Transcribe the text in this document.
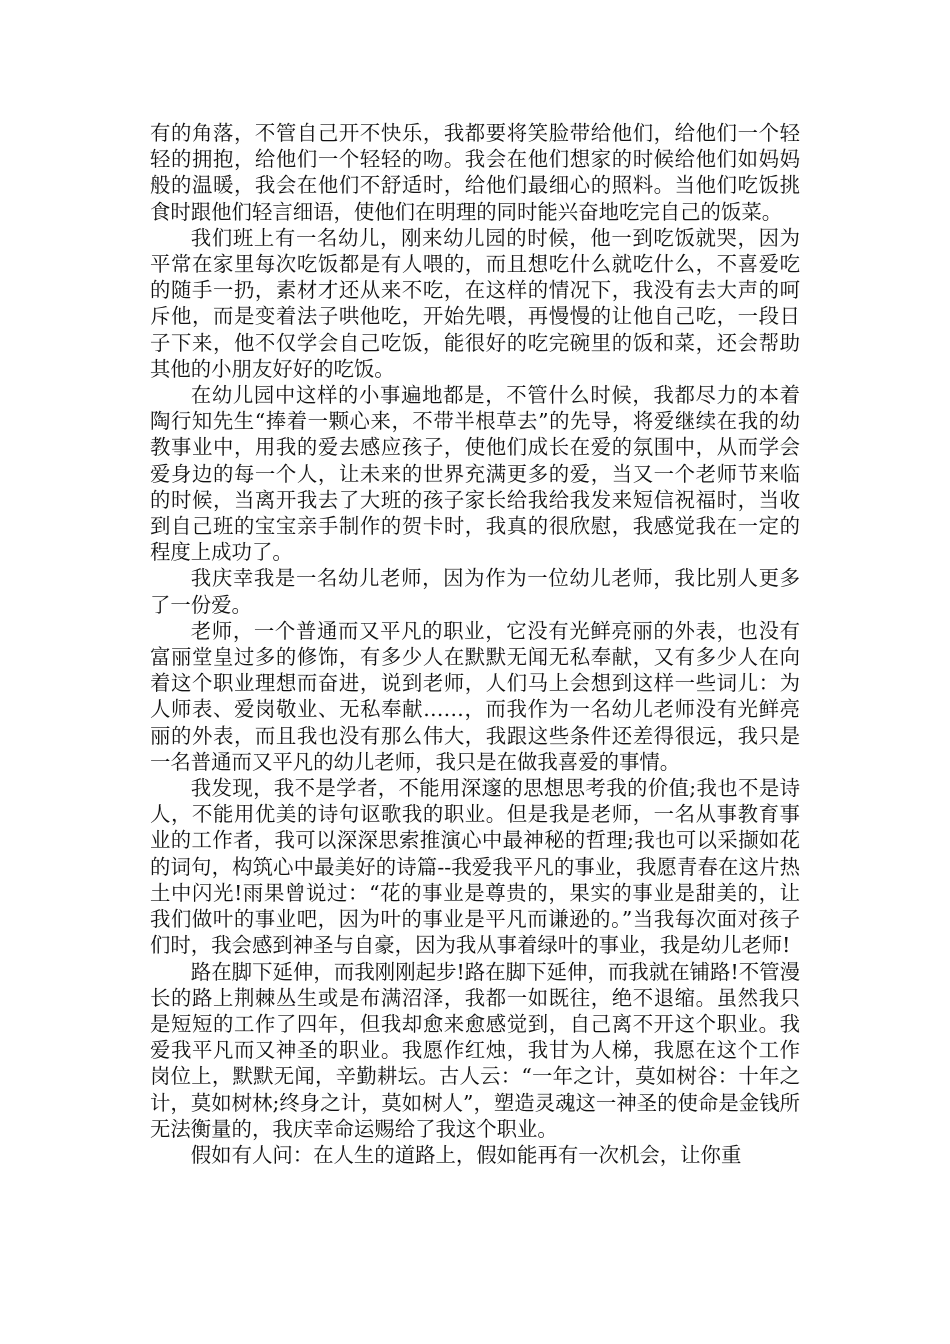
有的角落，不管自己开不快乐，我都要将笑脸带给他们，给他们一个轻轻的拥抱，给他们一个轻轻的吻。我会在他们想家的时候给他们如妈妈般的温暖，我会在他们不舒适时，给他们最细心的照料。当他们吃饭挑食时跟他们轻言细语，使他们在明理的同时能兴奋地吃完自己的饭菜。

我们班上有一名幼儿，刚来幼儿园的时候，他一到吃饭就哭，因为平常在家里每次吃饭都是有人喂的，而且想吃什么就吃什么，不喜爱吃的随手一扔，素材才还从来不吃，在这样的情况下，我没有去大声的呵斥他，而是变着法子哄他吃，开始先喂，再慢慢的让他自己吃，一段日子下来，他不仅学会自己吃饭，能很好的吃完碗里的饭和菜，还会帮助其他的小朋友好好的吃饭。

在幼儿园中这样的小事遍地都是，不管什么时候，我都尽力的本着陶行知先生“捧着一颗心来，不带半根草去”的先导，将爱继续在我的幼教事业中，用我的爱去感应孩子，使他们成长在爱的氛围中，从而学会爱身边的每一个人，让未来的世界充满更多的爱，当又一个老师节来临的时候，当离开我去了大班的孩子家长给我给我发来短信祝福时，当收到自己班的宝宝亲手制作的贺卡时，我真的很欣慰，我感觉我在一定的程度上成功了。

我庆幸我是一名幼儿老师，因为作为一位幼儿老师，我比别人更多了一份爱。

老师，一个普通而又平凡的职业，它没有光鲜亮丽的外表，也没有富丽堂皇过多的修饰，有多少人在默默无闻无私奉献，又有多少人在向着这个职业理想而奋进，说到老师，人们马上会想到这样一些词儿：为人师表、爱岗敬业、无私奉献……，而我作为一名幼儿老师没有光鲜亮丽的外表，而且我也没有那么伟大，我跟这些条件还差得很远，我只是一名普通而又平凡的幼儿老师，我只是在做我喜爱的事情。

我发现，我不是学者，不能用深邃的思想思考我的价值;我也不是诗人，不能用优美的诗句讴歌我的职业。但是我是老师，一名从事教育事业的工作者，我可以深深思索推演心中最神秘的哲理;我也可以采撷如花的词句，构筑心中最美好的诗篇--我爱我平凡的事业，我愿青春在这片热土中闪光!雨果曾说过：“花的事业是尊贵的，果实的事业是甜美的，让我们做叶的事业吧，因为叶的事业是平凡而谦逊的。”当我每次面对孩子们时，我会感到神圣与自豪，因为我从事着绿叶的事业，我是幼儿老师!

路在脚下延伸，而我刚刚起步!路在脚下延伸，而我就在铺路!不管漫长的路上荆棘丛生或是布满沼泽，我都一如既往，绝不退缩。虽然我只是短短的工作了四年，但我却愈来愈感觉到，自己离不开这个职业。我爱我平凡而又神圣的职业。我愿作红烛，我甘为人梯，我愿在这个工作岗位上，默默无闻，辛勤耕坛。古人云：“一年之计，莫如树谷：十年之计，莫如树林;终身之计，莫如树人”，塑造灵魂这一神圣的使命是金钱所无法衡量的，我庆幸命运赐给了我这个职业。

假如有人问：在人生的道路上，假如能再有一次机会，让你重
